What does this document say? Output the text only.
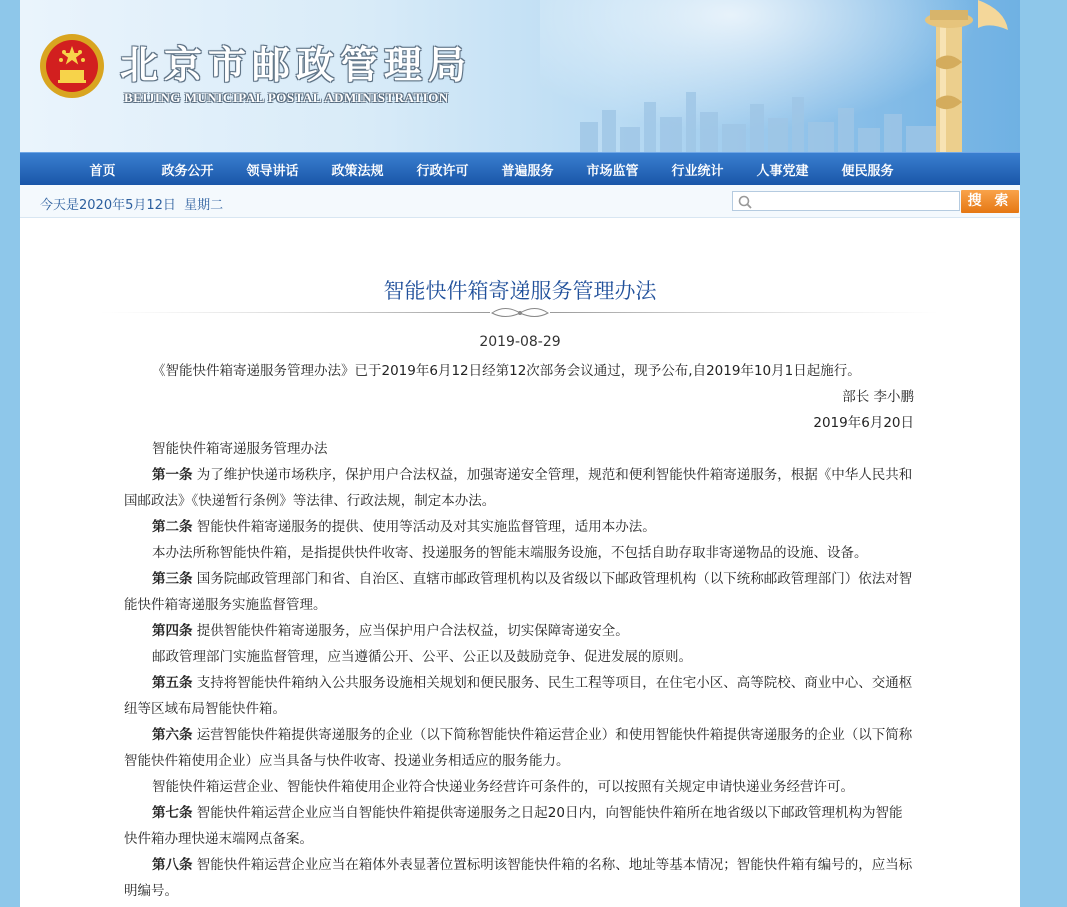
北京市邮政管理局
BEIJING MUNICIPAL POSTAL ADMINISTRATION
首页	政务公开	领导讲话	政策法规	行政许可	普遍服务	市场监管	行业统计	人事党建	便民服务
今天是2020年5月12日  星期二	搜 索
智能快件箱寄递服务管理办法
2019-08-29

《智能快件箱寄递服务管理办法》已于2019年6月12日经第12次部务会议通过，现予公布,自2019年10月1日起施行。

部长 李小鹏

2019年6月20日

智能快件箱寄递服务管理办法

第一条 为了维护快递市场秩序，保护用户合法权益，加强寄递安全管理，规范和便利智能快件箱寄递服务，根据《中华人民共和国邮政法》《快递暂行条例》等法律、行政法规，制定本办法。

第二条 智能快件箱寄递服务的提供、使用等活动及对其实施监督管理，适用本办法。

本办法所称智能快件箱，是指提供快件收寄、投递服务的智能末端服务设施，不包括自助存取非寄递物品的设施、设备。

第三条 国务院邮政管理部门和省、自治区、直辖市邮政管理机构以及省级以下邮政管理机构（以下统称邮政管理部门）依法对智能快件箱寄递服务实施监督管理。

第四条 提供智能快件箱寄递服务，应当保护用户合法权益，切实保障寄递安全。

邮政管理部门实施监督管理，应当遵循公开、公平、公正以及鼓励竞争、促进发展的原则。

第五条 支持将智能快件箱纳入公共服务设施相关规划和便民服务、民生工程等项目，在住宅小区、高等院校、商业中心、交通枢纽等区域布局智能快件箱。

第六条 运营智能快件箱提供寄递服务的企业（以下简称智能快件箱运营企业）和使用智能快件箱提供寄递服务的企业（以下简称智能快件箱使用企业）应当具备与快件收寄、投递业务相适应的服务能力。

智能快件箱运营企业、智能快件箱使用企业符合快递业务经营许可条件的，可以按照有关规定申请快递业务经营许可。

第七条 智能快件箱运营企业应当自智能快件箱提供寄递服务之日起20日内，向智能快件箱所在地省级以下邮政管理机构为智能快件箱办理快递末端网点备案。

第八条 智能快件箱运营企业应当在箱体外表显著位置标明该智能快件箱的名称、地址等基本情况；智能快件箱有编号的，应当标明编号。
